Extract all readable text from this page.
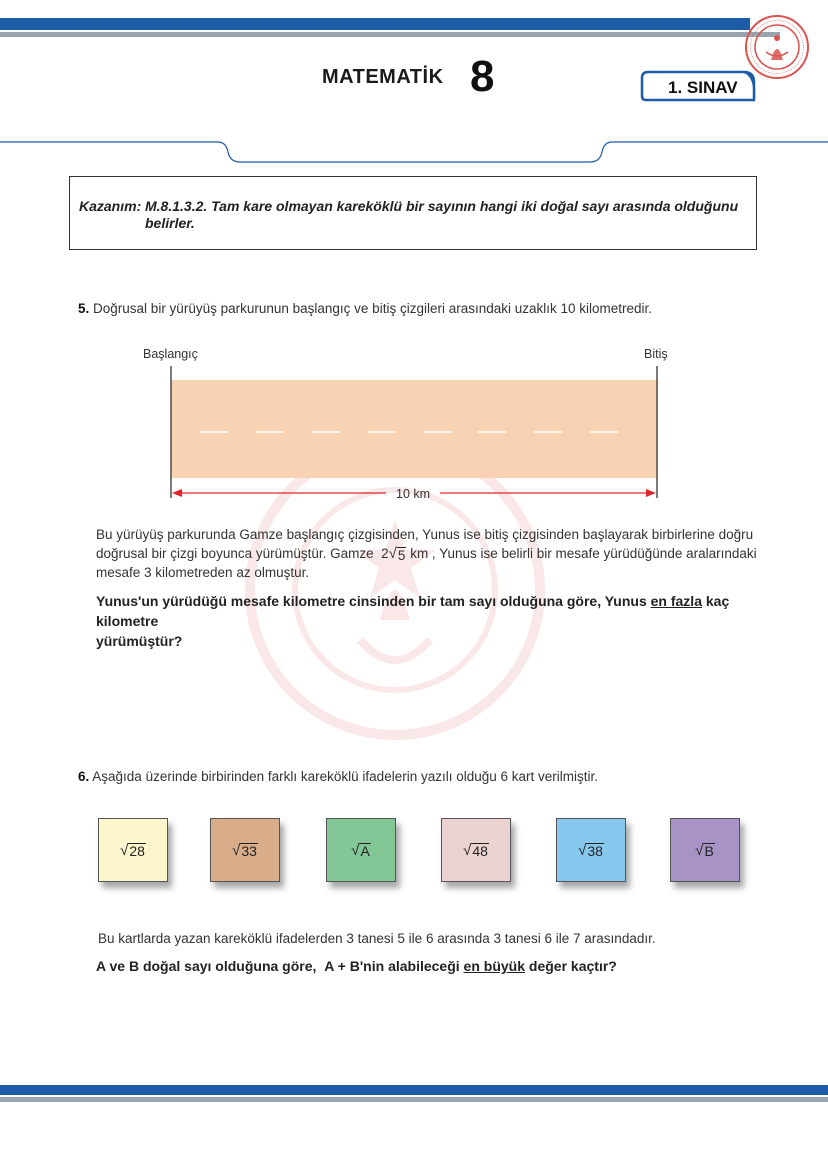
MATEMATİK 8	1. SINAV
Kazanım: M.8.1.3.2. Tam kare olmayan kareköklü bir sayının hangi iki doğal sayı arasında olduğunu
belirler.
5. Doğrusal bir yürüyüş parkurunun başlangıç ve bitiş çizgileri arasındaki uzaklık 10 kilometredir.
Başlangıç	Bitiş
10 km
Bu yürüyüş parkurunda Gamze başlangıç çizgisinden, Yunus ise bitiş çizgisinden başlayarak birbirlerine doğru
doğrusal bir çizgi boyunca yürümüştür. Gamze 2 √ 5 km , Yunus ise belirli bir mesafe yürüdüğünde aralarındaki
mesafe 3 kilometreden az olmuştur.
Yunus'un yürüdüğü mesafe kilometre cinsinden bir tam sayı olduğuna göre, Yunus en fazla kaç kilometre
yürümüştür?
6. Aşağıda üzerinde birbirinden farklı kareköklü ifadelerin yazılı olduğu 6 kart verilmiştir.
√ 28	√ 33	√ A	√ 48	√ 38	√ B
Bu kartlarda yazan kareköklü ifadelerden 3 tanesi 5 ile 6 arasında 3 tanesi 6 ile 7 arasındadır.
A ve B doğal sayı olduğuna göre, A + B'nin alabileceği en büyük değer kaçtır?
